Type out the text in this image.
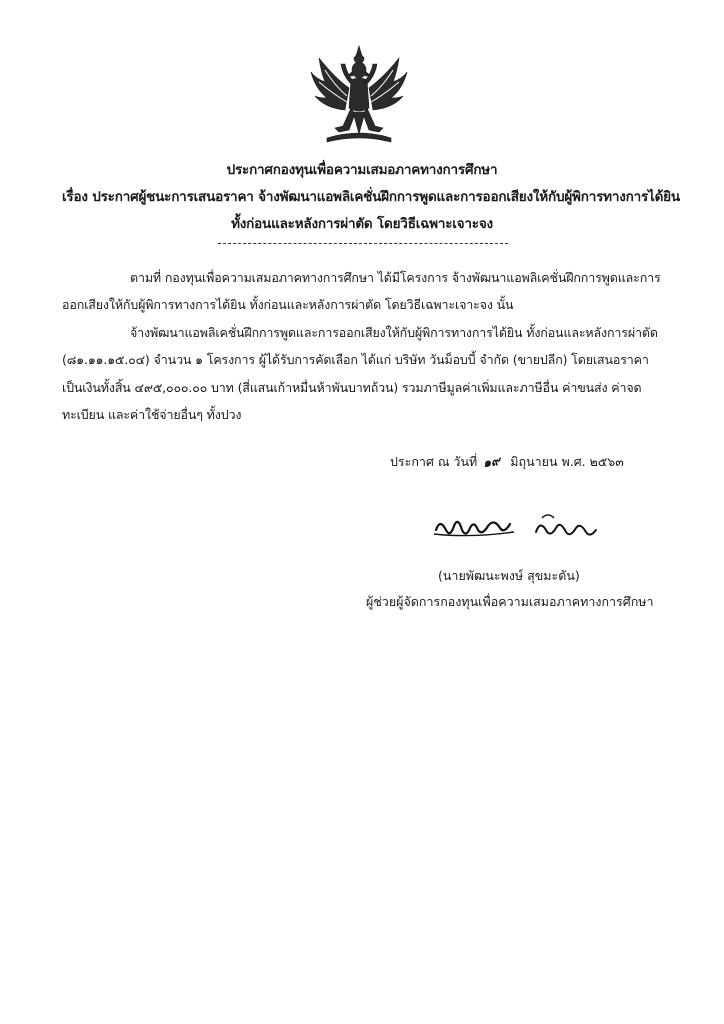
ประกาศกองทุนเพื่อความเสมอภาคทางการศึกษา
เรื่อง ประกาศผู้ชนะการเสนอราคา จ้างพัฒนาแอพลิเคชั่นฝึกการพูดและการออกเสียงให้กับผู้พิการทางการได้ยิน
ทั้งก่อนและหลังการผ่าตัด โดยวิธีเฉพาะเจาะจง
ตามที่ กองทุนเพื่อความเสมอภาคทางการศึกษา ได้มีโครงการ จ้างพัฒนาแอพลิเคชั่นฝึกการพูดและการ
ออกเสียงให้กับผู้พิการทางการได้ยิน ทั้งก่อนและหลังการผ่าตัด โดยวิธีเฉพาะเจาะจง นั้น
จ้างพัฒนาแอพลิเคชั่นฝึกการพูดและการออกเสียงให้กับผู้พิการทางการได้ยิน ทั้งก่อนและหลังการผ่าตัด
(๘๑.๑๑.๑๕.๐๔) จำนวน ๑ โครงการ ผู้ได้รับการคัดเลือก ได้แก่ บริษัท วันม็อบบี้ จำกัด (ขายปลีก) โดยเสนอราคา
เป็นเงินทั้งสิ้น ๔๙๕,๐๐๐.๐๐ บาท (สี่แสนเก้าหมื่นห้าพันบาทถ้วน) รวมภาษีมูลค่าเพิ่มและภาษีอื่น ค่าขนส่ง ค่าจด
ทะเบียน และค่าใช้จ่ายอื่นๆ ทั้งปวง
ประกาศ ณ วันที่ ๑๙ มิถุนายน พ.ศ. ๒๕๖๓
(นายพัฒนะพงษ์ สุขมะดัน)
ผู้ช่วยผู้จัดการกองทุนเพื่อความเสมอภาคทางการศึกษา
